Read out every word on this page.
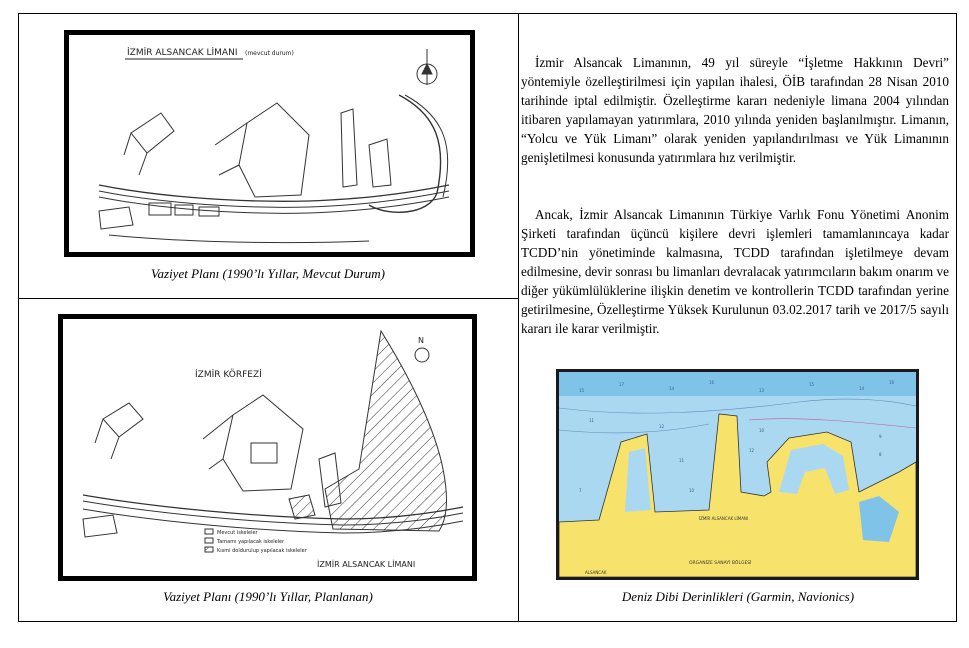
İZMİR ALSANCAK LİMANI (mevcut durum)
Vaziyet Planı (1990’lı Yıllar, Mevcut Durum)
N
İZMİR KÖRFEZİ
İZMİR ALSANCAK LİMANI
Mevcut iskeleler
Tamamı yapılacak iskeleler
Kısmi doldurulup yapılacak iskeleler
Vaziyet Planı (1990’lı Yıllar, Planlanan)

İzmir Alsancak Limanının, 49 yıl süreyle “İşletme Hakkının Devri” yöntemiyle özelleştirilmesi için yapılan ihalesi, ÖİB tarafından 28 Nisan 2010 tarihinde iptal edilmiştir. Özelleştirme kararı nedeniyle limana 2004 yılından itibaren yapılamayan yatırımlara, 2010 yılında yeniden başlanılmıştır. Limanın, “Yolcu ve Yük Limanı” olarak yeniden yapılandırılması ve Yük Limanının genişletilmesi konusunda yatırımlara hız verilmiştir.

Ancak, İzmir Alsancak Limanının Türkiye Varlık Fonu Yönetimi Anonim Şirketi tarafından üçüncü kişilere devri işlemleri tamamlanıncaya kadar TCDD’nin yönetiminde kalmasına, TCDD tarafından işletilmeye devam edilmesine, devir sonrası bu limanları devralacak yatırımcıların bakım onarım ve diğer yükümlülüklerine ilişkin denetim ve kontrollerin TCDD tarafından yerine getirilmesine, Özelleştirme Yüksek Kurulunun 03.02.2017 tarih ve 2017/5 sayılı kararı ile karar verilmiştir.

15
17
14
16
13
15
14
16
11
12
10
9
11
10
12
8
7
İZMİR ALSANCAK LİMANI
ORGANİZE SANAYİ BÖLGESİ
ALSANCAK
Deniz Dibi Derinlikleri (Garmin, Navionics)
